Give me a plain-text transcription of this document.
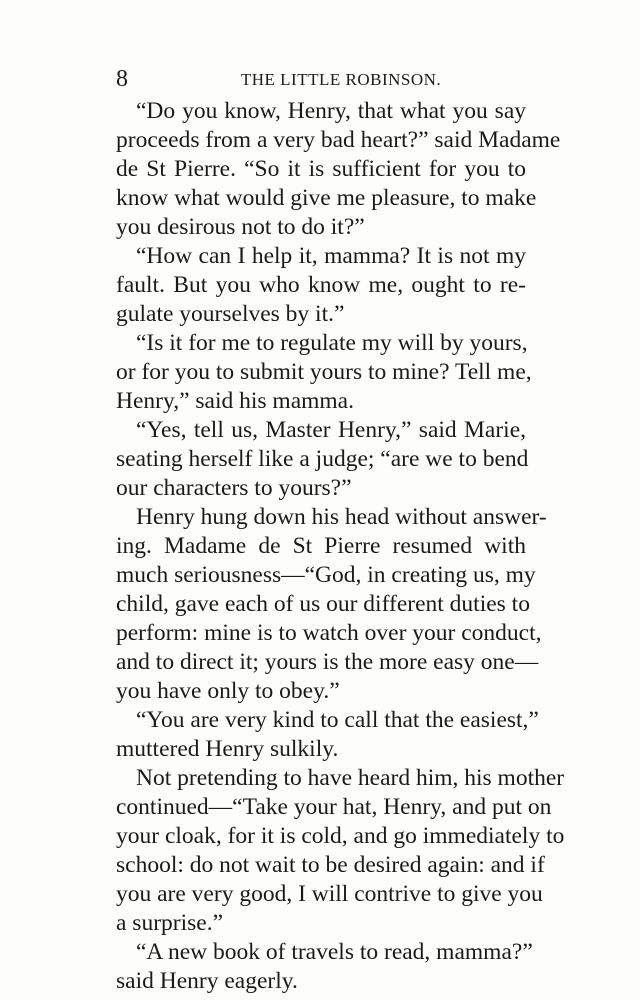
8	THE LITTLE ROBINSON.
“Do you know, Henry, that what you say
proceeds from a very bad heart?” said Madame
de St Pierre. “So it is sufficient for you to
know what would give me pleasure, to make
you desirous not to do it?”
“How can I help it, mamma? It is not my
fault. But you who know me, ought to re-
gulate yourselves by it.”
“Is it for me to regulate my will by yours,
or for you to submit yours to mine? Tell me,
Henry,” said his mamma.
“Yes, tell us, Master Henry,” said Marie,
seating herself like a judge; “are we to bend
our characters to yours?”
Henry hung down his head without answer-
ing. Madame de St Pierre resumed with
much seriousness—“God, in creating us, my
child, gave each of us our different duties to
perform: mine is to watch over your conduct,
and to direct it; yours is the more easy one—
you have only to obey.”
“You are very kind to call that the easiest,”
muttered Henry sulkily.
Not pretending to have heard him, his mother
continued—“Take your hat, Henry, and put on
your cloak, for it is cold, and go immediately to
school: do not wait to be desired again: and if
you are very good, I will contrive to give you
a surprise.”
“A new book of travels to read, mamma?”
said Henry eagerly.
